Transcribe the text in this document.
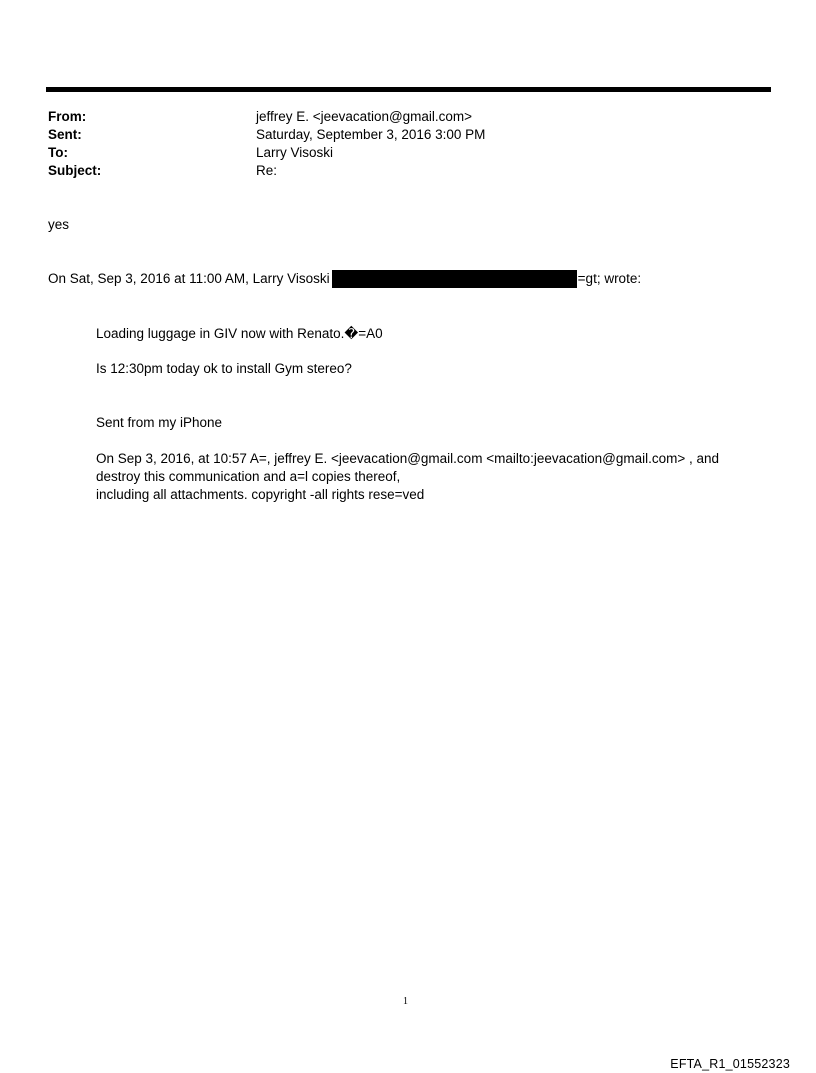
From:	jeffrey E. <jeevacation@gmail.com>
Sent:	Saturday, September 3, 2016 3:00 PM
To:	Larry Visoski
Subject:	Re:
yes
On Sat, Sep 3, 2016 at 11:00 AM, Larry Visoski	=gt; wrote:
Loading luggage in GIV now with Renato.�=A0
Is 12:30pm today ok to install Gym stereo?
Sent from my iPhone
On Sep 3, 2016, at 10:57 A=, jeffrey E. <jeevacation@gmail.com <mailto:jeevacation@gmail.com> , and
destroy this communication and a=l copies thereof,
including all attachments. copyright -all rights rese=ved
1
EFTA_R1_01552323
